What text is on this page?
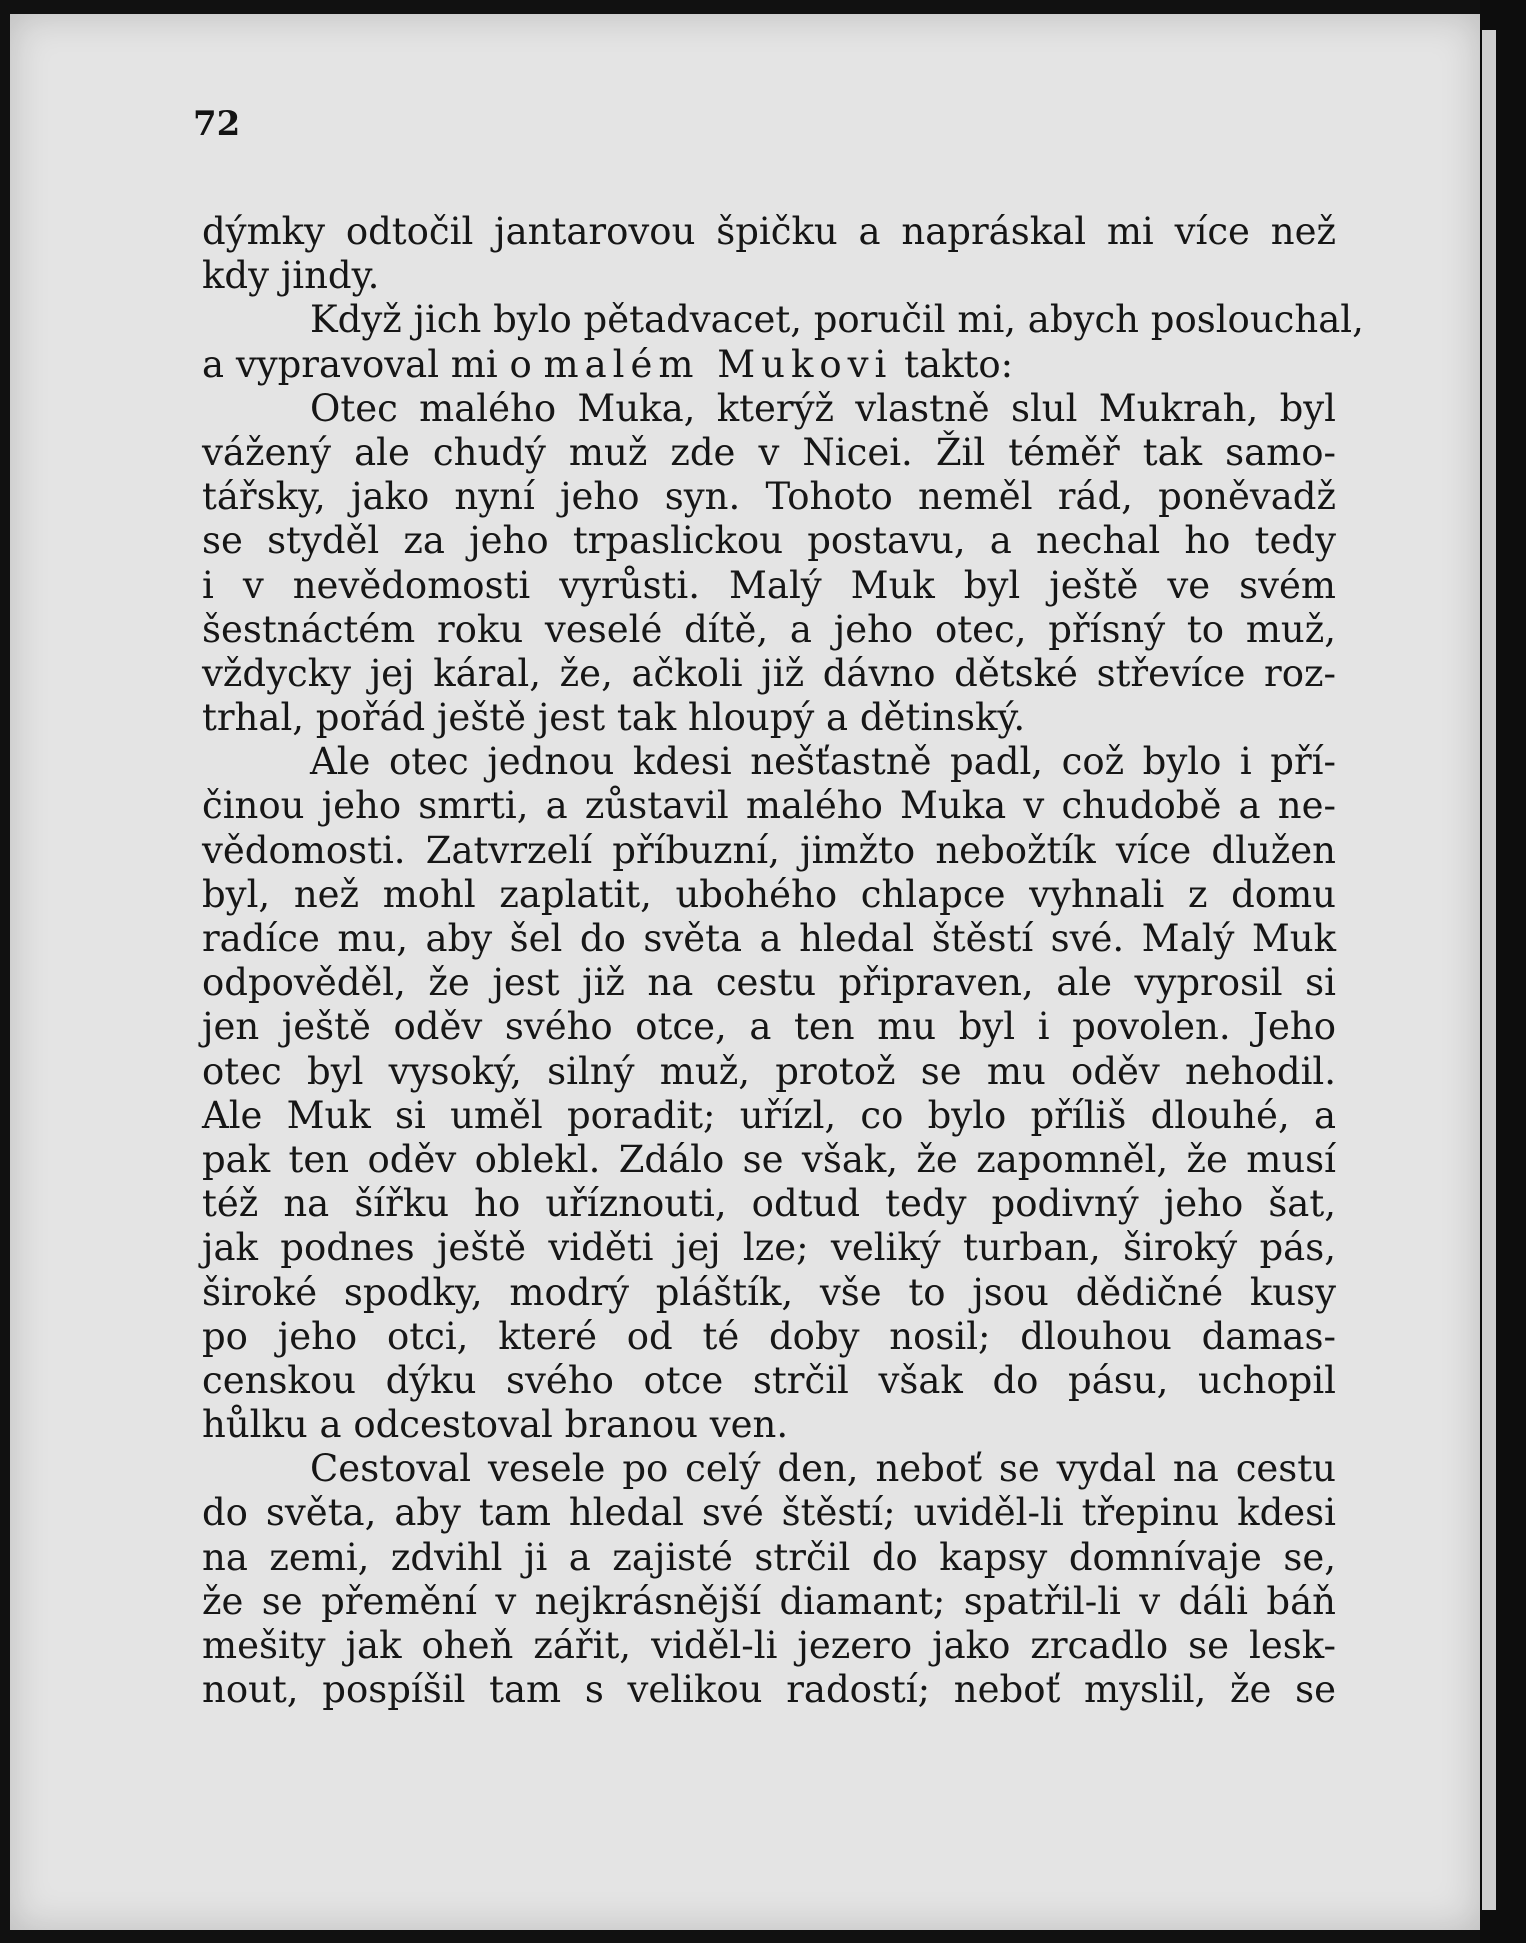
72

dýmky odtočil jantarovou špičku a napráskal mi více než
kdy jindy.
Když jich bylo pětadvacet, poručil mi, abych poslouchal,
a vypravoval mi o malém Mukovi takto:
Otec malého Muka, kterýž vlastně slul Mukrah, byl
vážený ale chudý muž zde v Nicei. Žil téměř tak samo-
tářsky, jako nyní jeho syn. Tohoto neměl rád, poněvadž
se styděl za jeho trpaslickou postavu, a nechal ho tedy
i v nevědomosti vyrůsti. Malý Muk byl ještě ve svém
šestnáctém roku veselé dítě, a jeho otec, přísný to muž,
vždycky jej káral, že, ačkoli již dávno dětské střevíce roz-
trhal, pořád ještě jest tak hloupý a dětinský.
Ale otec jednou kdesi nešťastně padl, což bylo i pří-
činou jeho smrti, a zůstavil malého Muka v chudobě a ne-
vědomosti. Zatvrzelí příbuzní, jimžto nebožtík více dlužen
byl, než mohl zaplatit, ubohého chlapce vyhnali z domu
radíce mu, aby šel do světa a hledal štěstí své. Malý Muk
odpověděl, že jest již na cestu připraven, ale vyprosil si
jen ještě oděv svého otce, a ten mu byl i povolen. Jeho
otec byl vysoký, silný muž, protož se mu oděv nehodil.
Ale Muk si uměl poradit; uřízl, co bylo příliš dlouhé, a
pak ten oděv oblekl. Zdálo se však, že zapomněl, že musí
též na šířku ho uříznouti, odtud tedy podivný jeho šat,
jak podnes ještě viděti jej lze; veliký turban, široký pás,
široké spodky, modrý pláštík, vše to jsou dědičné kusy
po jeho otci, které od té doby nosil; dlouhou damas-
censkou dýku svého otce strčil však do pásu, uchopil
hůlku a odcestoval branou ven.
Cestoval vesele po celý den, neboť se vydal na cestu
do světa, aby tam hledal své štěstí; uviděl-li třepinu kdesi
na zemi, zdvihl ji a zajisté strčil do kapsy domnívaje se,
že se přemění v nejkrásnější diamant; spatřil-li v dáli báň
mešity jak oheň zářit, viděl-li jezero jako zrcadlo se lesk-
nout, pospíšil tam s velikou radostí; neboť myslil, že se
